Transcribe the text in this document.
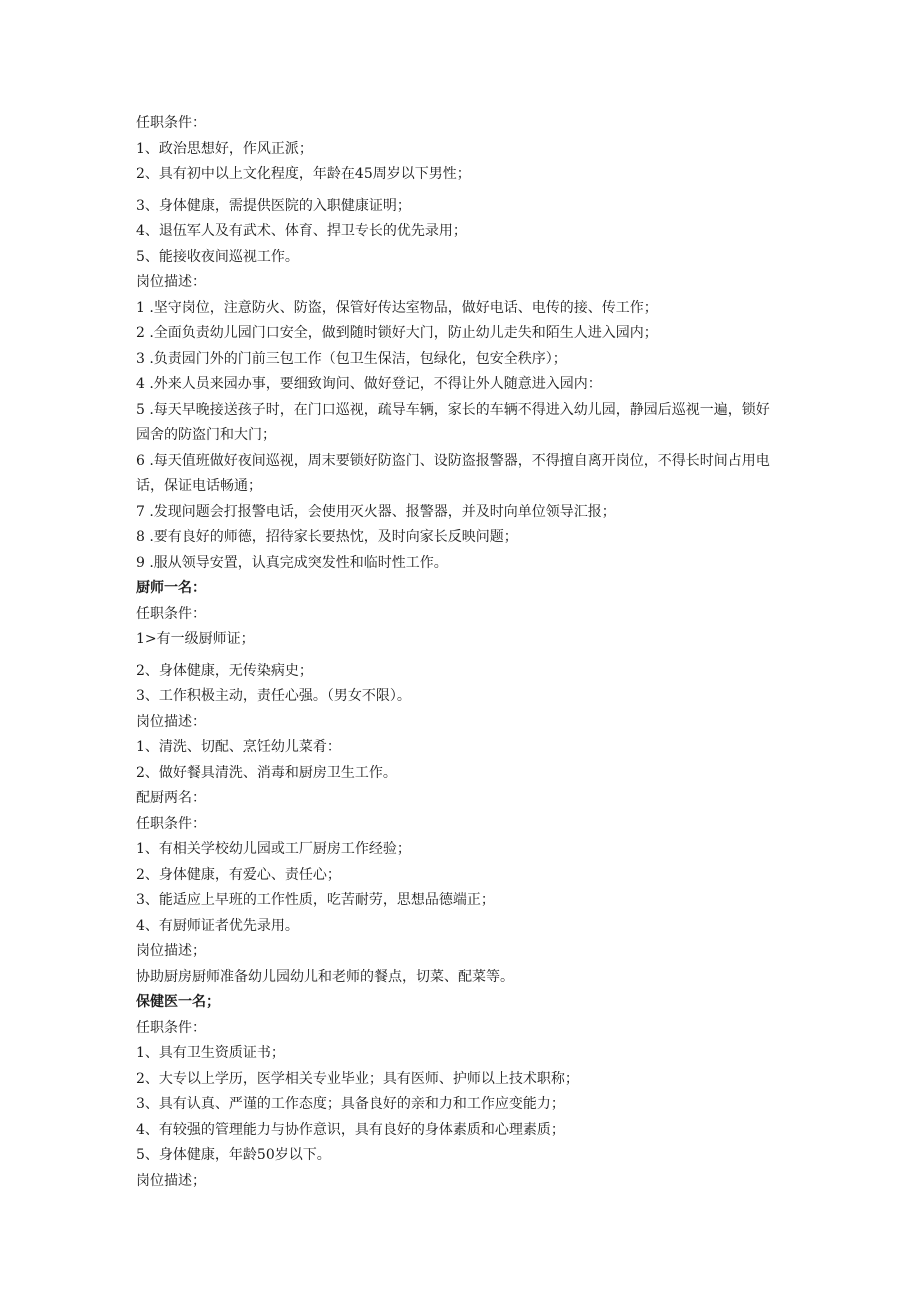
任职条件：
1、政治思想好，作风正派；
2、具有初中以上文化程度，年龄在45周岁以下男性；
3、身体健康，需提供医院的入职健康证明；
4、退伍军人及有武术、体育、捍卫专长的优先录用；
5、能接收夜间巡视工作。
岗位描述：
1 .坚守岗位，注意防火、防盗，保管好传达室物品，做好电话、电传的接、传工作；
2 .全面负责幼儿园门口安全，做到随时锁好大门，防止幼儿走失和陌生人进入园内；
3 .负责园门外的门前三包工作（包卫生保洁，包绿化，包安全秩序）；
4 .外来人员来园办事，要细致询问、做好登记，不得让外人随意进入园内：
5 .每天早晚接送孩子时，在门口巡视，疏导车辆，家长的车辆不得进入幼儿园，静园后巡视一遍，锁好园舍的防盗门和大门；
6 .每天值班做好夜间巡视，周末要锁好防盗门、设防盗报警器，不得擅自离开岗位，不得长时间占用电话，保证电话畅通；
7 .发现问题会打报警电话，会使用灭火器、报警器，并及时向单位领导汇报；
8 .要有良好的师德，招待家长要热忱，及时向家长反映问题；
9 .服从领导安置，认真完成突发性和临时性工作。
厨师一名：
任职条件：
1>有一级厨师证；
2、身体健康，无传染病史；
3、工作积极主动，责任心强。（男女不限）。
岗位描述：
1、清洗、切配、烹饪幼儿菜肴：
2、做好餐具清洗、消毒和厨房卫生工作。
配厨两名：
任职条件：
1、有相关学校幼儿园或工厂厨房工作经验；
2、身体健康，有爱心、责任心；
3、能适应上早班的工作性质，吃苦耐劳，思想品德端正；
4、有厨师证者优先录用。
岗位描述；
协助厨房厨师准备幼儿园幼儿和老师的餐点，切菜、配菜等。
保健医一名；
任职条件：
1、具有卫生资质证书；
2、大专以上学历，医学相关专业毕业；具有医师、护师以上技术职称；
3、具有认真、严谨的工作态度；具备良好的亲和力和工作应变能力；
4、有较强的管理能力与协作意识，具有良好的身体素质和心理素质；
5、身体健康，年龄50岁以下。
岗位描述；
